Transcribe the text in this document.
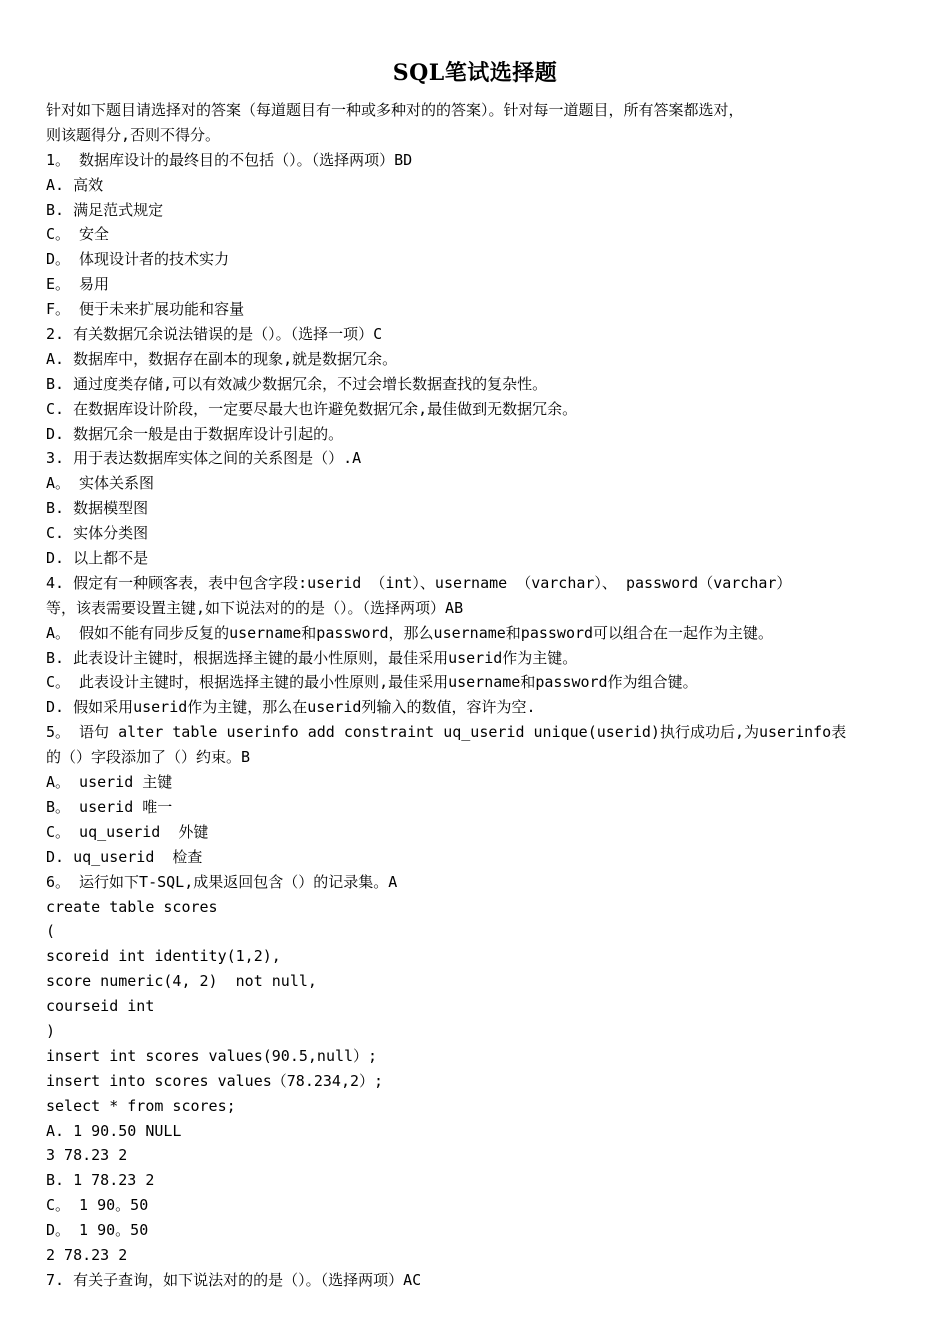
SQL笔试选择题
针对如下题目请选择对的答案（每道题目有一种或多种对的的答案）。针对每一道题目，所有答案都选对，
则该题得分,否则不得分。
1。 数据库设计的最终目的不包括（）。（选择两项）BD
A. 高效
B. 满足范式规定
C。 安全
D。 体现设计者的技术实力
E。 易用
F。 便于未来扩展功能和容量
2. 有关数据冗余说法错误的是（）。（选择一项）C
A. 数据库中，数据存在副本的现象,就是数据冗余。
B. 通过度类存储,可以有效减少数据冗余，不过会增长数据查找的复杂性。
C. 在数据库设计阶段，一定要尽最大也许避免数据冗余,最佳做到无数据冗余。
D. 数据冗余一般是由于数据库设计引起的。
3. 用于表达数据库实体之间的关系图是（）.A
A。 实体关系图
B. 数据模型图
C. 实体分类图
D. 以上都不是
4. 假定有一种顾客表，表中包含字段:userid （int）、username （varchar）、 password（varchar）
等，该表需要设置主键,如下说法对的的是（）。（选择两项）AB
A。 假如不能有同步反复的username和password，那么username和password可以组合在一起作为主键。
B. 此表设计主键时，根据选择主键的最小性原则，最佳采用userid作为主键。
C。 此表设计主键时，根据选择主键的最小性原则,最佳采用username和password作为组合键。
D. 假如采用userid作为主键，那么在userid列输入的数值，容许为空.
5。 语句 alter table userinfo add constraint uq_userid unique(userid)执行成功后,为userinfo表
的（）字段添加了（）约束。B
A。 userid 主键
B。 userid 唯一
C。 uq_userid  外键
D. uq_userid  检查
6。 运行如下T-SQL,成果返回包含（）的记录集。A
create table scores
(
scoreid int identity(1,2),
score numeric(4, 2)  not null,
courseid int
)
insert int scores values(90.5,null）;
insert into scores values（78.234,2）;
select * from scores;
A. 1 90.50 NULL
3 78.23 2
B. 1 78.23 2
C。 1 90。50
D。 1 90。50
2 78.23 2
7. 有关子查询，如下说法对的的是（）。（选择两项）AC
